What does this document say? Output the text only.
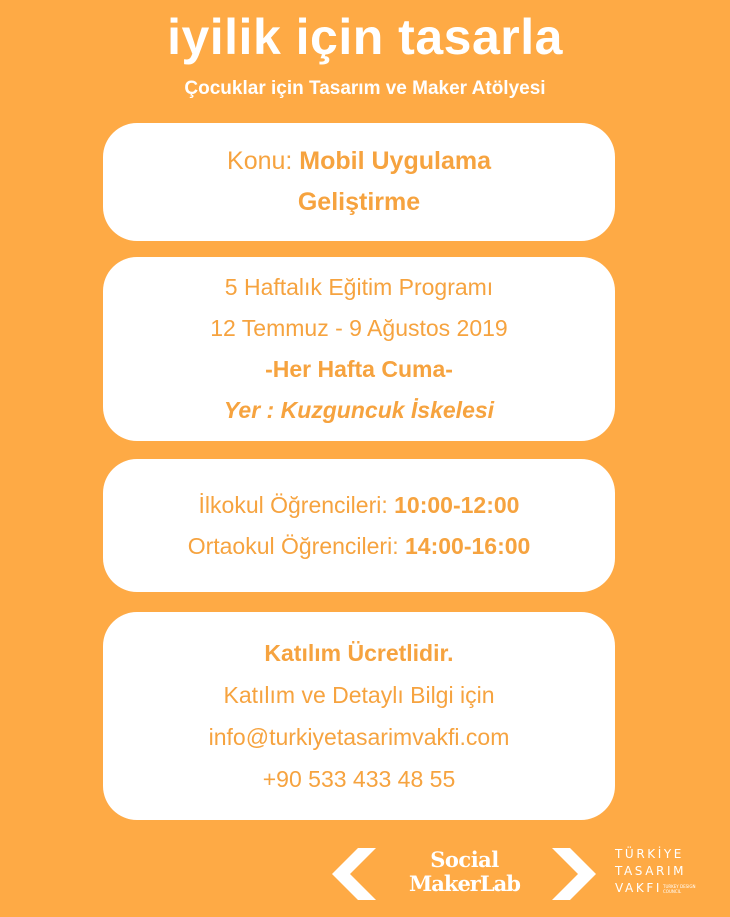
iyilik için tasarla
Çocuklar için Tasarım ve Maker Atölyesi
Konu: Mobil Uygulama
Geliştirme
5 Haftalık Eğitim Programı
12 Temmuz - 9 Ağustos 2019
-Her Hafta Cuma-
Yer : Kuzguncuk İskelesi
İlkokul Öğrencileri: 10:00-12:00
Ortaokul Öğrencileri: 14:00-16:00
Katılım Ücretlidir.
Katılım ve Detaylı Bilgi için
info@turkiyetasarimvakfi.com
+90 533 433 48 55
Social
MakerLab
TÜRKİYE
TASARIM
VAKFI TURKEY DESIGN COUNCIL
